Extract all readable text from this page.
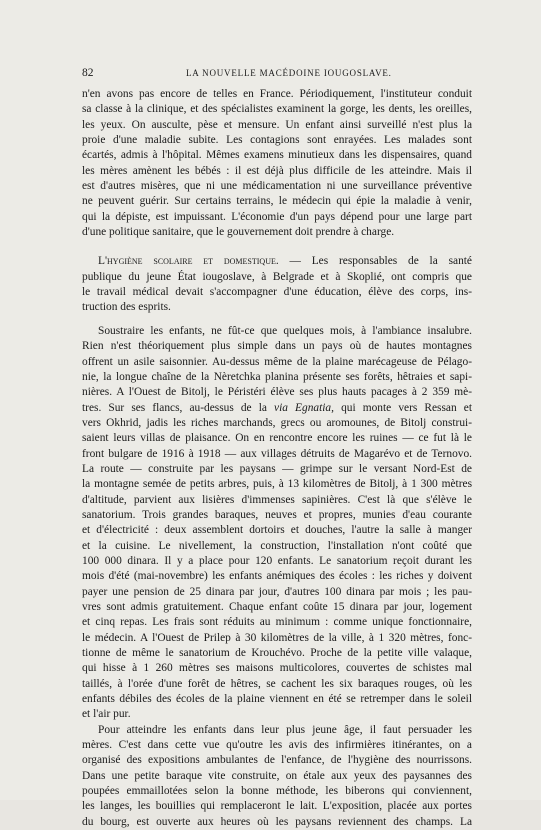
82	LA NOUVELLE MACÉDOINE IOUGOSLAVE.
n'en avons pas encore de telles en France. Périodiquement, l'instituteur conduit
sa classe à la clinique, et des spécialistes examinent la gorge, les dents, les oreilles,
les yeux. On ausculte, pèse et mensure. Un enfant ainsi surveillé n'est plus la
proie d'une maladie subite. Les contagions sont enrayées. Les malades sont
écartés, admis à l'hôpital. Mêmes examens minutieux dans les dispensaires, quand
les mères amènent les bébés : il est déjà plus difficile de les atteindre. Mais il
est d'autres misères, que ni une médicamentation ni une surveillance préventive
ne peuvent guérir. Sur certains terrains, le médecin qui épie la maladie à venir,
qui la dépiste, est impuissant. L'économie d'un pays dépend pour une large part
d'une politique sanitaire, que le gouvernement doit prendre à charge.
L'hygiène scolaire et domestique. — Les responsables de la santé
publique du jeune État iougoslave, à Belgrade et à Skoplié, ont compris que
le travail médical devait s'accompagner d'une éducation, élève des corps, ins-
truction des esprits.
Soustraire les enfants, ne fût-ce que quelques mois, à l'ambiance insalubre.
Rien n'est théoriquement plus simple dans un pays où de hautes montagnes
offrent un asile saisonnier. Au-dessus même de la plaine marécageuse de Pélago-
nie, la longue chaîne de la Nèretchka planina présente ses forêts, hêtraies et sapi-
nières. A l'Ouest de Bitolj, le Péristéri élève ses plus hauts pacages à 2 359 mè-
tres. Sur ses flancs, au-dessus de la via Egnatia, qui monte vers Ressan et
vers Okhrid, jadis les riches marchands, grecs ou aromounes, de Bitolj construi-
saient leurs villas de plaisance. On en rencontre encore les ruines — ce fut là le
front bulgare de 1916 à 1918 — aux villages détruits de Magarévo et de Ternovo.
La route — construite par les paysans — grimpe sur le versant Nord-Est de
la montagne semée de petits arbres, puis, à 13 kilomètres de Bitolj, à 1 300 mètres
d'altitude, parvient aux lisières d'immenses sapinières. C'est là que s'élève le
sanatorium. Trois grandes baraques, neuves et propres, munies d'eau courante
et d'électricité : deux assemblent dortoirs et douches, l'autre la salle à manger
et la cuisine. Le nivellement, la construction, l'installation n'ont coûté que
100 000 dinara. Il y a place pour 120 enfants. Le sanatorium reçoit durant les
mois d'été (mai-novembre) les enfants anémiques des écoles : les riches y doivent
payer une pension de 25 dinara par jour, d'autres 100 dinara par mois ; les pau-
vres sont admis gratuitement. Chaque enfant coûte 15 dinara par jour, logement
et cinq repas. Les frais sont réduits au minimum : comme unique fonctionnaire,
le médecin. A l'Ouest de Prilep à 30 kilomètres de la ville, à 1 320 mètres, fonc-
tionne de même le sanatorium de Krouchévo. Proche de la petite ville valaque,
qui hisse à 1 260 mètres ses maisons multicolores, couvertes de schistes mal
taillés, à l'orée d'une forêt de hêtres, se cachent les six baraques rouges, où les
enfants débiles des écoles de la plaine viennent en été se retremper dans le soleil
et l'air pur.
Pour atteindre les enfants dans leur plus jeune âge, il faut persuader les
mères. C'est dans cette vue qu'outre les avis des infirmières itinérantes, on a
organisé des expositions ambulantes de l'enfance, de l'hygiène des nourrissons.
Dans une petite baraque vite construite, on étale aux yeux des paysannes des
poupées emmaillotées selon la bonne méthode, les biberons qui conviennent,
les langes, les bouillies qui remplaceront le lait. L'exposition, placée aux portes
du bourg, est ouverte aux heures où les paysans reviennent des champs. La
